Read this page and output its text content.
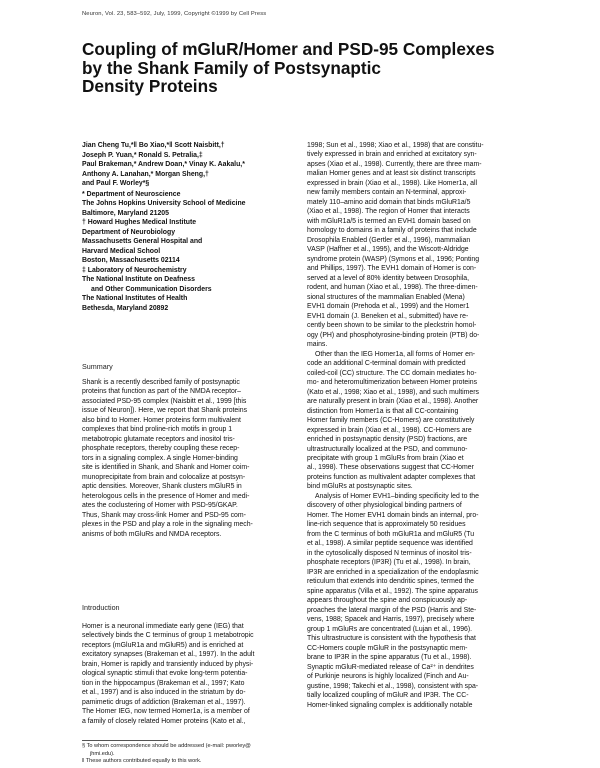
Neuron, Vol. 23, 583–592, July, 1999, Copyright ©1999 by Cell Press
Coupling of mGluR/Homer and PSD-95 Complexes
by the Shank Family of Postsynaptic
Density Proteins
Jian Cheng Tu,*‖ Bo Xiao,*‖ Scott Naisbitt,†
Joseph P. Yuan,* Ronald S. Petralia,‡
Paul Brakeman,* Andrew Doan,* Vinay K. Aakalu,*
Anthony A. Lanahan,* Morgan Sheng,†
and Paul F. Worley*§
* Department of Neuroscience
The Johns Hopkins University School of Medicine
Baltimore, Maryland 21205
† Howard Hughes Medical Institute
Department of Neurobiology
Massachusetts General Hospital and
Harvard Medical School
Boston, Massachusetts 02114
‡ Laboratory of Neurochemistry
The National Institute on Deafness
and Other Communication Disorders
The National Institutes of Health
Bethesda, Maryland 20892
Summary
Shank is a recently described family of postsynaptic
proteins that function as part of the NMDA receptor–
associated PSD-95 complex (Naisbitt et al., 1999 [this
issue of Neuron]). Here, we report that Shank proteins
also bind to Homer. Homer proteins form multivalent
complexes that bind proline-rich motifs in group 1
metabotropic glutamate receptors and inositol tris-
phosphate receptors, thereby coupling these recep-
tors in a signaling complex. A single Homer-binding
site is identified in Shank, and Shank and Homer coim-
munoprecipitate from brain and colocalize at postsyn-
aptic densities. Moreover, Shank clusters mGluR5 in
heterologous cells in the presence of Homer and medi-
ates the coclustering of Homer with PSD-95/GKAP.
Thus, Shank may cross-link Homer and PSD-95 com-
plexes in the PSD and play a role in the signaling mech-
anisms of both mGluRs and NMDA receptors.
Introduction
Homer is a neuronal immediate early gene (IEG) that
selectively binds the C terminus of group 1 metabotropic
receptors (mGluR1a and mGluR5) and is enriched at
excitatory synapses (Brakeman et al., 1997). In the adult
brain, Homer is rapidly and transiently induced by physi-
ological synaptic stimuli that evoke long-term potentia-
tion in the hippocampus (Brakeman et al., 1997; Kato
et al., 1997) and is also induced in the striatum by do-
pamimetic drugs of addiction (Brakeman et al., 1997).
The Homer IEG, now termed Homer1a, is a member of
a family of closely related Homer proteins (Kato et al.,
§ To whom correspondence should be addressed (e-mail: pworley@
jhmi.edu).
‖ These authors contributed equally to this work.
1998; Sun et al., 1998; Xiao et al., 1998) that are constitu-
tively expressed in brain and enriched at excitatory syn-
apses (Xiao et al., 1998). Currently, there are three mam-
malian Homer genes and at least six distinct transcripts
expressed in brain (Xiao et al., 1998). Like Homer1a, all
new family members contain an N-terminal, approxi-
mately 110–amino acid domain that binds mGluR1a/5
(Xiao et al., 1998). The region of Homer that interacts
with mGluR1a/5 is termed an EVH1 domain based on
homology to domains in a family of proteins that include
Drosophila Enabled (Gertler et al., 1996), mammalian
VASP (Haffner et al., 1995), and the Wiscott-Aldridge
syndrome protein (WASP) (Symons et al., 1996; Ponting
and Phillips, 1997). The EVH1 domain of Homer is con-
served at a level of 80% identity between Drosophila,
rodent, and human (Xiao et al., 1998). The three-dimen-
sional structures of the mammalian Enabled (Mena)
EVH1 domain (Prehoda et al., 1999) and the Homer1
EVH1 domain (J. Beneken et al., submitted) have re-
cently been shown to be similar to the pleckstrin homol-
ogy (PH) and phosphotyrosine-binding protein (PTB) do-
mains.
Other than the IEG Homer1a, all forms of Homer en-
code an additional C-terminal domain with predicted
coiled-coil (CC) structure. The CC domain mediates ho-
mo- and heteromultimerization between Homer proteins
(Kato et al., 1998; Xiao et al., 1998), and such multimers
are naturally present in brain (Xiao et al., 1998). Another
distinction from Homer1a is that all CC-containing
Homer family members (CC-Homers) are constitutively
expressed in brain (Xiao et al., 1998). CC-Homers are
enriched in postsynaptic density (PSD) fractions, are
ultrastructurally localized at the PSD, and communo-
precipitate with group 1 mGluRs from brain (Xiao et
al., 1998). These observations suggest that CC-Homer
proteins function as multivalent adapter complexes that
bind mGluRs at postsynaptic sites.
Analysis of Homer EVH1–binding specificity led to the
discovery of other physiological binding partners of
Homer. The Homer EVH1 domain binds an internal, pro-
line-rich sequence that is approximately 50 residues
from the C terminus of both mGluR1a and mGluR5 (Tu
et al., 1998). A similar peptide sequence was identified
in the cytosolically disposed N terminus of inositol tris-
phosphate receptors (IP3R) (Tu et al., 1998). In brain,
IP3R are enriched in a specialization of the endoplasmic
reticulum that extends into dendritic spines, termed the
spine apparatus (Villa et al., 1992). The spine apparatus
appears throughout the spine and conspicuously ap-
proaches the lateral margin of the PSD (Harris and Ste-
vens, 1988; Spacek and Harris, 1997), precisely where
group 1 mGluRs are concentrated (Lujan et al., 1996).
This ultrastructure is consistent with the hypothesis that
CC-Homers couple mGluR in the postsynaptic mem-
brane to IP3R in the spine apparatus (Tu et al., 1998).
Synaptic mGluR-mediated release of Ca²⁺ in dendrites
of Purkinje neurons is highly localized (Finch and Au-
gustine, 1998; Takechi et al., 1998), consistent with spa-
tially localized coupling of mGluR and IP3R. The CC-
Homer-linked signaling complex is additionally notable
